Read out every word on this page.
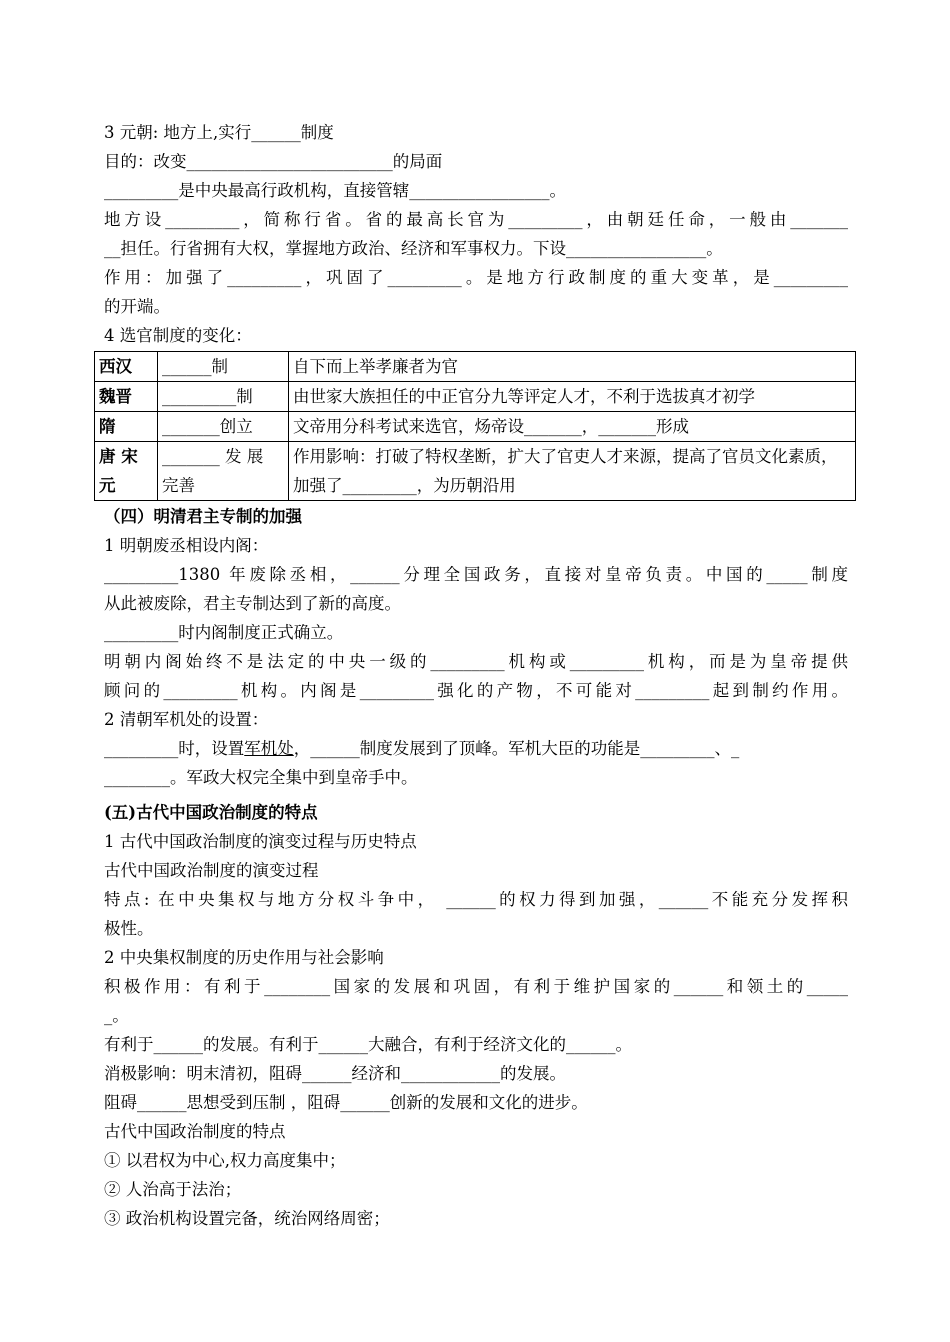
3 元朝: 地方上,实行______制度
目的：改变_________________________的局面
_________是中央最高行政机构，直接管辖_________________。
地方设_________，简称行省。省的最高长官为_________，由朝廷任命，一般由_______
__担任。行省拥有大权，掌握地方政治、经济和军事权力。下设_________________。
作用：加强了_________，巩固了_________。是地方行政制度的重大变革，是_________
的开端。
4 选官制度的变化：
西汉	______制	自下而上举孝廉者为官
魏晋	_________制	由世家大族担任的中正官分九等评定人才，不利于选拔真才初学
隋	_______创立	文帝用分科考试来选官，炀帝设_______，_______形成
唐 宋 元	_______ 发 展 完善	作用影响：打破了特权垄断，扩大了官吏人才来源，提高了官员文化素质，加强了_________，为历朝沿用
（四）明清君主专制的加强
1 明朝废丞相设内阁：
_________1380 年废除丞相，______分理全国政务，直接对皇帝负责。中国的_____制度
从此被废除，君主专制达到了新的高度。
_________时内阁制度正式确立。
明朝内阁始终不是法定的中央一级的_________机构或_________机构，而是为皇帝提供
顾问的_________机构。内阁是_________强化的产物，不可能对_________起到制约作用。
2 清朝军机处的设置：
_________时，设置军机处，______制度发展到了顶峰。军机大臣的功能是_________、_
________。军政大权完全集中到皇帝手中。
(五)古代中国政治制度的特点
1 古代中国政治制度的演变过程与历史特点
古代中国政治制度的演变过程
特点: 在中央集权与地方分权斗争中， ______的权力得到加强，______不能充分发挥积
极性。
2 中央集权制度的历史作用与社会影响
积极作用：有利于________国家的发展和巩固，有利于维护国家的______和领土的_____
_。
有利于______的发展。有利于______大融合，有利于经济文化的______。
消极影响：明末清初，阻碍______经济和____________的发展。
阻碍______思想受到压制 ，阻碍______创新的发展和文化的进步。
古代中国政治制度的特点
① 以君权为中心,权力高度集中；
② 人治高于法治；
③ 政治机构设置完备，统治网络周密；
